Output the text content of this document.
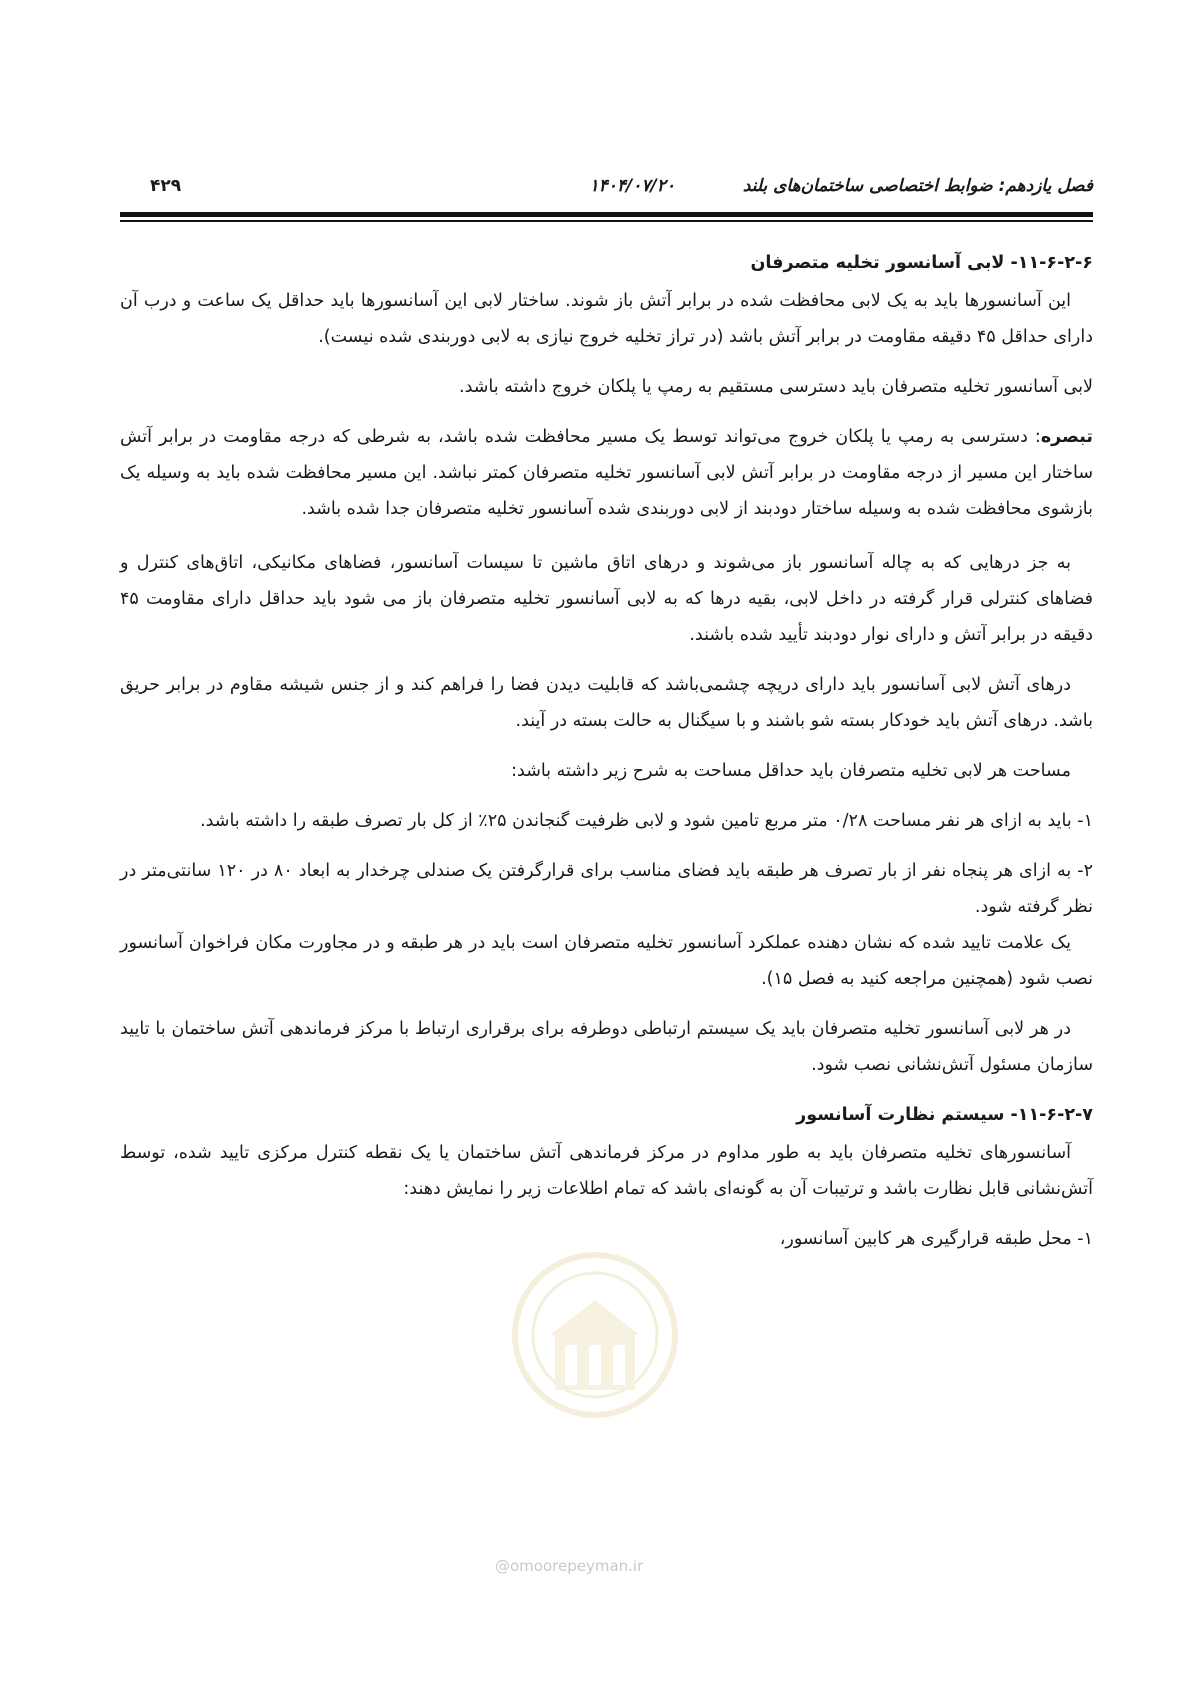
فصل یازدهم: ضوابط اختصاصی ساختمان‌های بلند
۱۴۰۴/۰۷/۲۰
۴۲۹

۱۱-۶-۲-۶- لابی آسانسور تخلیه متصرفان

این آسانسورها باید به یک لابی محافظت شده در برابر آتش باز شوند. ساختار لابی این آسانسورها باید حداقل یک ساعت و درب آن دارای حداقل ۴۵ دقیقه مقاومت در برابر آتش باشد (در تراز تخلیه خروج نیازی به لابی دوربندی شده نیست).

لابی آسانسور تخلیه متصرفان باید دسترسی مستقیم به رمپ یا پلکان خروج داشته باشد.

تبصره: دسترسی به رمپ یا پلکان خروج می‌تواند توسط یک مسیر محافظت شده باشد، به شرطی که درجه مقاومت در برابر آتش ساختار این مسیر از درجه مقاومت در برابر آتش لابی آسانسور تخلیه متصرفان کمتر نباشد. این مسیر محافظت شده باید به وسیله یک بازشوی محافظت شده به وسیله ساختار دودبند از لابی دوربندی شده آسانسور تخلیه متصرفان جدا شده باشد.

به جز درهایی که به چاله آسانسور باز می‌شوند و درهای اتاق ماشین تا سیسات آسانسور، فضاهای مکانیکی، اتاق‌های کنترل و فضاهای کنترلی قرار گرفته در داخل لابی، بقیه درها که به لابی آسانسور تخلیه متصرفان باز می شود باید حداقل دارای مقاومت ۴۵ دقیقه در برابر آتش و دارای نوار دودبند تأیید شده باشند.

درهای آتش لابی آسانسور باید دارای دریچه چشمی‌باشد که قابلیت دیدن فضا را فراهم کند و از جنس شیشه مقاوم در برابر حریق باشد. درهای آتش باید خودکار بسته شو باشند و با سیگنال به حالت بسته در آیند.

مساحت هر لابی تخلیه متصرفان باید حداقل مساحت به شرح زیر داشته باشد:

۱- باید به ازای هر نفر مساحت ۰/۲۸ متر مربع تامین شود و لابی ظرفیت گنجاندن ۲۵٪ از کل بار تصرف طبقه را داشته باشد.

۲- به ازای هر پنجاه نفر از بار تصرف هر طبقه باید فضای مناسب برای قرارگرفتن یک صندلی چرخدار به ابعاد ۸۰ در ۱۲۰ سانتی‌متر در نظر گرفته شود.

یک علامت تایید شده که نشان دهنده عملکرد آسانسور تخلیه متصرفان است باید در هر طبقه و در مجاورت مکان فراخوان آسانسور نصب شود (همچنین مراجعه کنید به فصل ۱۵).

در هر لابی آسانسور تخلیه متصرفان باید یک سیستم ارتباطی دوطرفه برای برقراری ارتباط با مرکز فرماندهی آتش ساختمان با تایید سازمان مسئول آتش‌نشانی نصب شود.

۱۱-۶-۲-۷- سیستم نظارت آسانسور

آسانسورهای تخلیه متصرفان باید به طور مداوم در مرکز فرماندهی آتش ساختمان یا یک نقطه کنترل مرکزی تایید شده، توسط آتش‌نشانی قابل نظارت باشد و ترتیبات آن به گونه‌ای باشد که تمام اطلاعات زیر را نمایش دهند:

۱- محل طبقه قرارگیری هر کابین آسانسور،

@omoorepeyman.ir
